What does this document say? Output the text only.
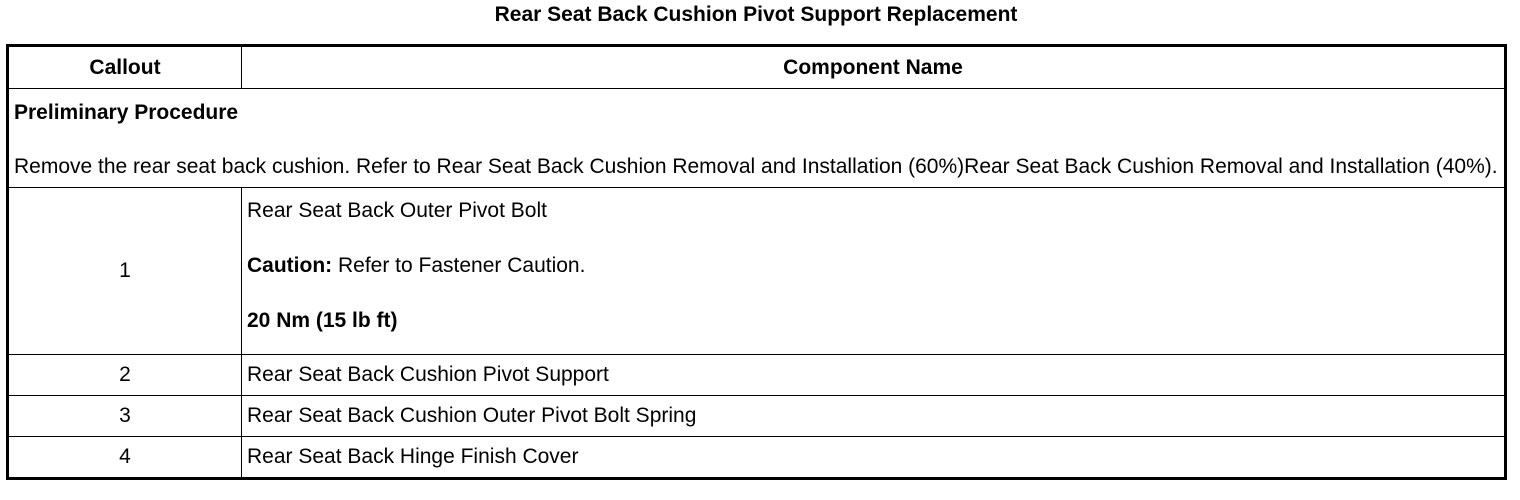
Rear Seat Back Cushion Pivot Support Replacement
Callout	Component Name

Preliminary Procedure
Remove the rear seat back cushion. Refer to Rear Seat Back Cushion Removal and Installation (60%)Rear Seat Back Cushion Removal and Installation (40%).	

1	Rear Seat Back Outer Pivot Bolt
Caution: Refer to Fastener Caution.
20 Nm (15 lb ft)

2	Rear Seat Back Cushion Pivot Support
3	Rear Seat Back Cushion Outer Pivot Bolt Spring
4	Rear Seat Back Hinge Finish Cover
